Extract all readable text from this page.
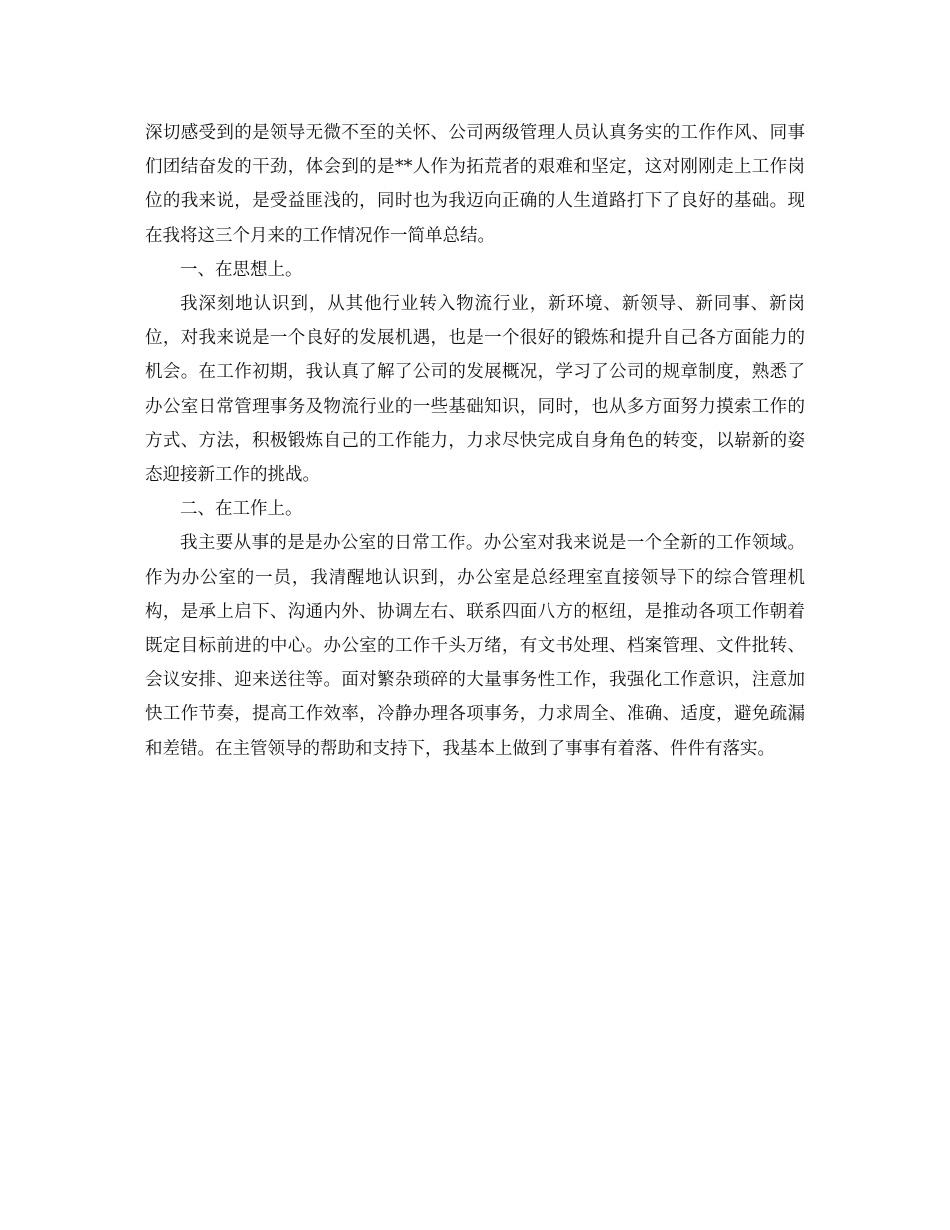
深切感受到的是领导无微不至的关怀、公司两级管理人员认真务实的工作作风、同事们团结奋发的干劲，体会到的是**人作为拓荒者的艰难和坚定，这对刚刚走上工作岗位的我来说，是受益匪浅的，同时也为我迈向正确的人生道路打下了良好的基础。现在我将这三个月来的工作情况作一简单总结。

一、在思想上。

我深刻地认识到，从其他行业转入物流行业，新环境、新领导、新同事、新岗位，对我来说是一个良好的发展机遇，也是一个很好的锻炼和提升自己各方面能力的机会。在工作初期，我认真了解了公司的发展概况，学习了公司的规章制度，熟悉了办公室日常管理事务及物流行业的一些基础知识，同时，也从多方面努力摸索工作的方式、方法，积极锻炼自己的工作能力，力求尽快完成自身角色的转变，以崭新的姿态迎接新工作的挑战。

二、在工作上。

我主要从事的是是办公室的日常工作。办公室对我来说是一个全新的工作领域。作为办公室的一员，我清醒地认识到，办公室是总经理室直接领导下的综合管理机构，是承上启下、沟通内外、协调左右、联系四面八方的枢纽，是推动各项工作朝着既定目标前进的中心。办公室的工作千头万绪，有文书处理、档案管理、文件批转、会议安排、迎来送往等。面对繁杂琐碎的大量事务性工作，我强化工作意识，注意加快工作节奏，提高工作效率，冷静办理各项事务，力求周全、准确、适度，避免疏漏和差错。在主管领导的帮助和支持下，我基本上做到了事事有着落、件件有落实。
